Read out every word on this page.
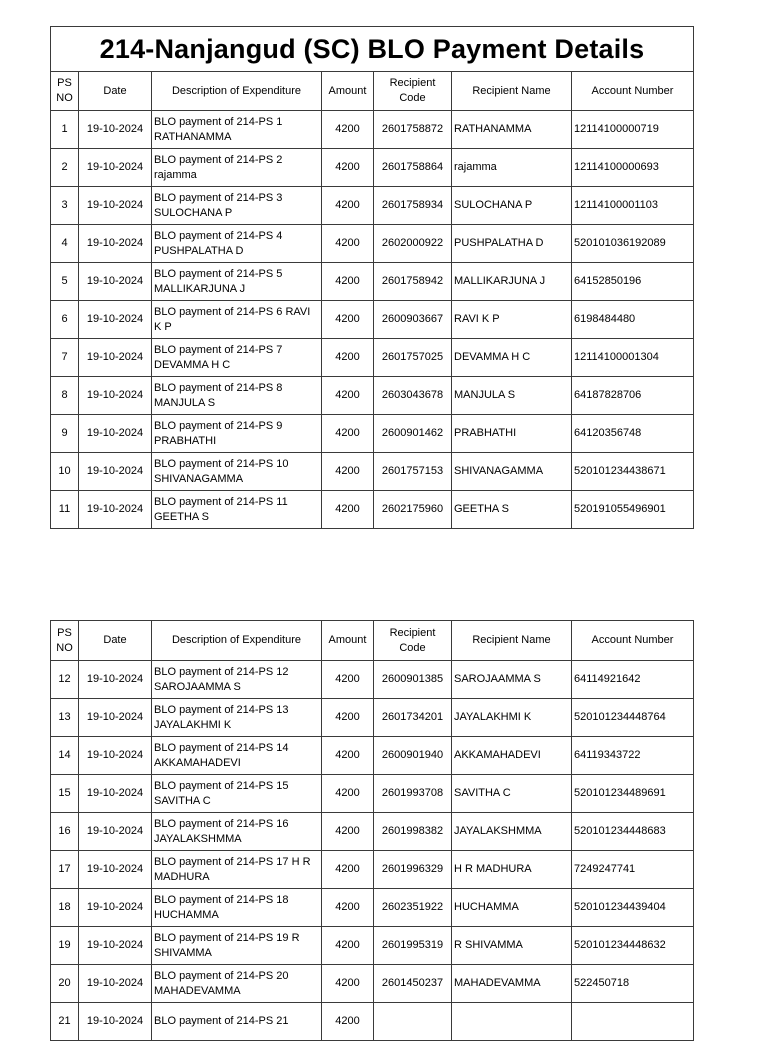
214-Nanjangud (SC) BLO Payment Details						
PS NO	Date	Description of Expenditure	Amount	Recipient Code	Recipient Name	Account Number
1	19-10-2024	BLO payment of 214-PS 1 RATHANAMMA	4200	2601758872	RATHANAMMA	12114100000719
2	19-10-2024	BLO payment of 214-PS 2 rajamma	4200	2601758864	rajamma	12114100000693
3	19-10-2024	BLO payment of 214-PS 3 SULOCHANA P	4200	2601758934	SULOCHANA P	12114100001103
4	19-10-2024	BLO payment of 214-PS 4 PUSHPALATHA D	4200	2602000922	PUSHPALATHA D	520101036192089
5	19-10-2024	BLO payment of 214-PS 5 MALLIKARJUNA J	4200	2601758942	MALLIKARJUNA J	64152850196
6	19-10-2024	BLO payment of 214-PS 6 RAVI K P	4200	2600903667	RAVI K P	6198484480
7	19-10-2024	BLO payment of 214-PS 7 DEVAMMA H C	4200	2601757025	DEVAMMA H C	12114100001304
8	19-10-2024	BLO payment of 214-PS 8 MANJULA S	4200	2603043678	MANJULA S	64187828706
9	19-10-2024	BLO payment of 214-PS 9 PRABHATHI	4200	2600901462	PRABHATHI	64120356748
10	19-10-2024	BLO payment of 214-PS 10 SHIVANAGAMMA	4200	2601757153	SHIVANAGAMMA	520101234438671
11	19-10-2024	BLO payment of 214-PS 11 GEETHA S	4200	2602175960	GEETHA S	520191055496901
PS NO	Date	Description of Expenditure	Amount	Recipient Code	Recipient Name	Account Number
12	19-10-2024	BLO payment of 214-PS 12 SAROJAAMMA S	4200	2600901385	SAROJAAMMA S	64114921642
13	19-10-2024	BLO payment of 214-PS 13 JAYALAKHMI K	4200	2601734201	JAYALAKHMI K	520101234448764
14	19-10-2024	BLO payment of 214-PS 14 AKKAMAHADEVI	4200	2600901940	AKKAMAHADEVI	64119343722
15	19-10-2024	BLO payment of 214-PS 15 SAVITHA C	4200	2601993708	SAVITHA C	520101234489691
16	19-10-2024	BLO payment of 214-PS 16 JAYALAKSHMMA	4200	2601998382	JAYALAKSHMMA	520101234448683
17	19-10-2024	BLO payment of 214-PS 17 H R MADHURA	4200	2601996329	H R MADHURA	7249247741
18	19-10-2024	BLO payment of 214-PS 18 HUCHAMMA	4200	2602351922	HUCHAMMA	520101234439404
19	19-10-2024	BLO payment of 214-PS 19 R SHIVAMMA	4200	2601995319	R SHIVAMMA	520101234448632
20	19-10-2024	BLO payment of 214-PS 20 MAHADEVAMMA	4200	2601450237	MAHADEVAMMA	522450718
21	19-10-2024	BLO payment of 214-PS 21	4200			
